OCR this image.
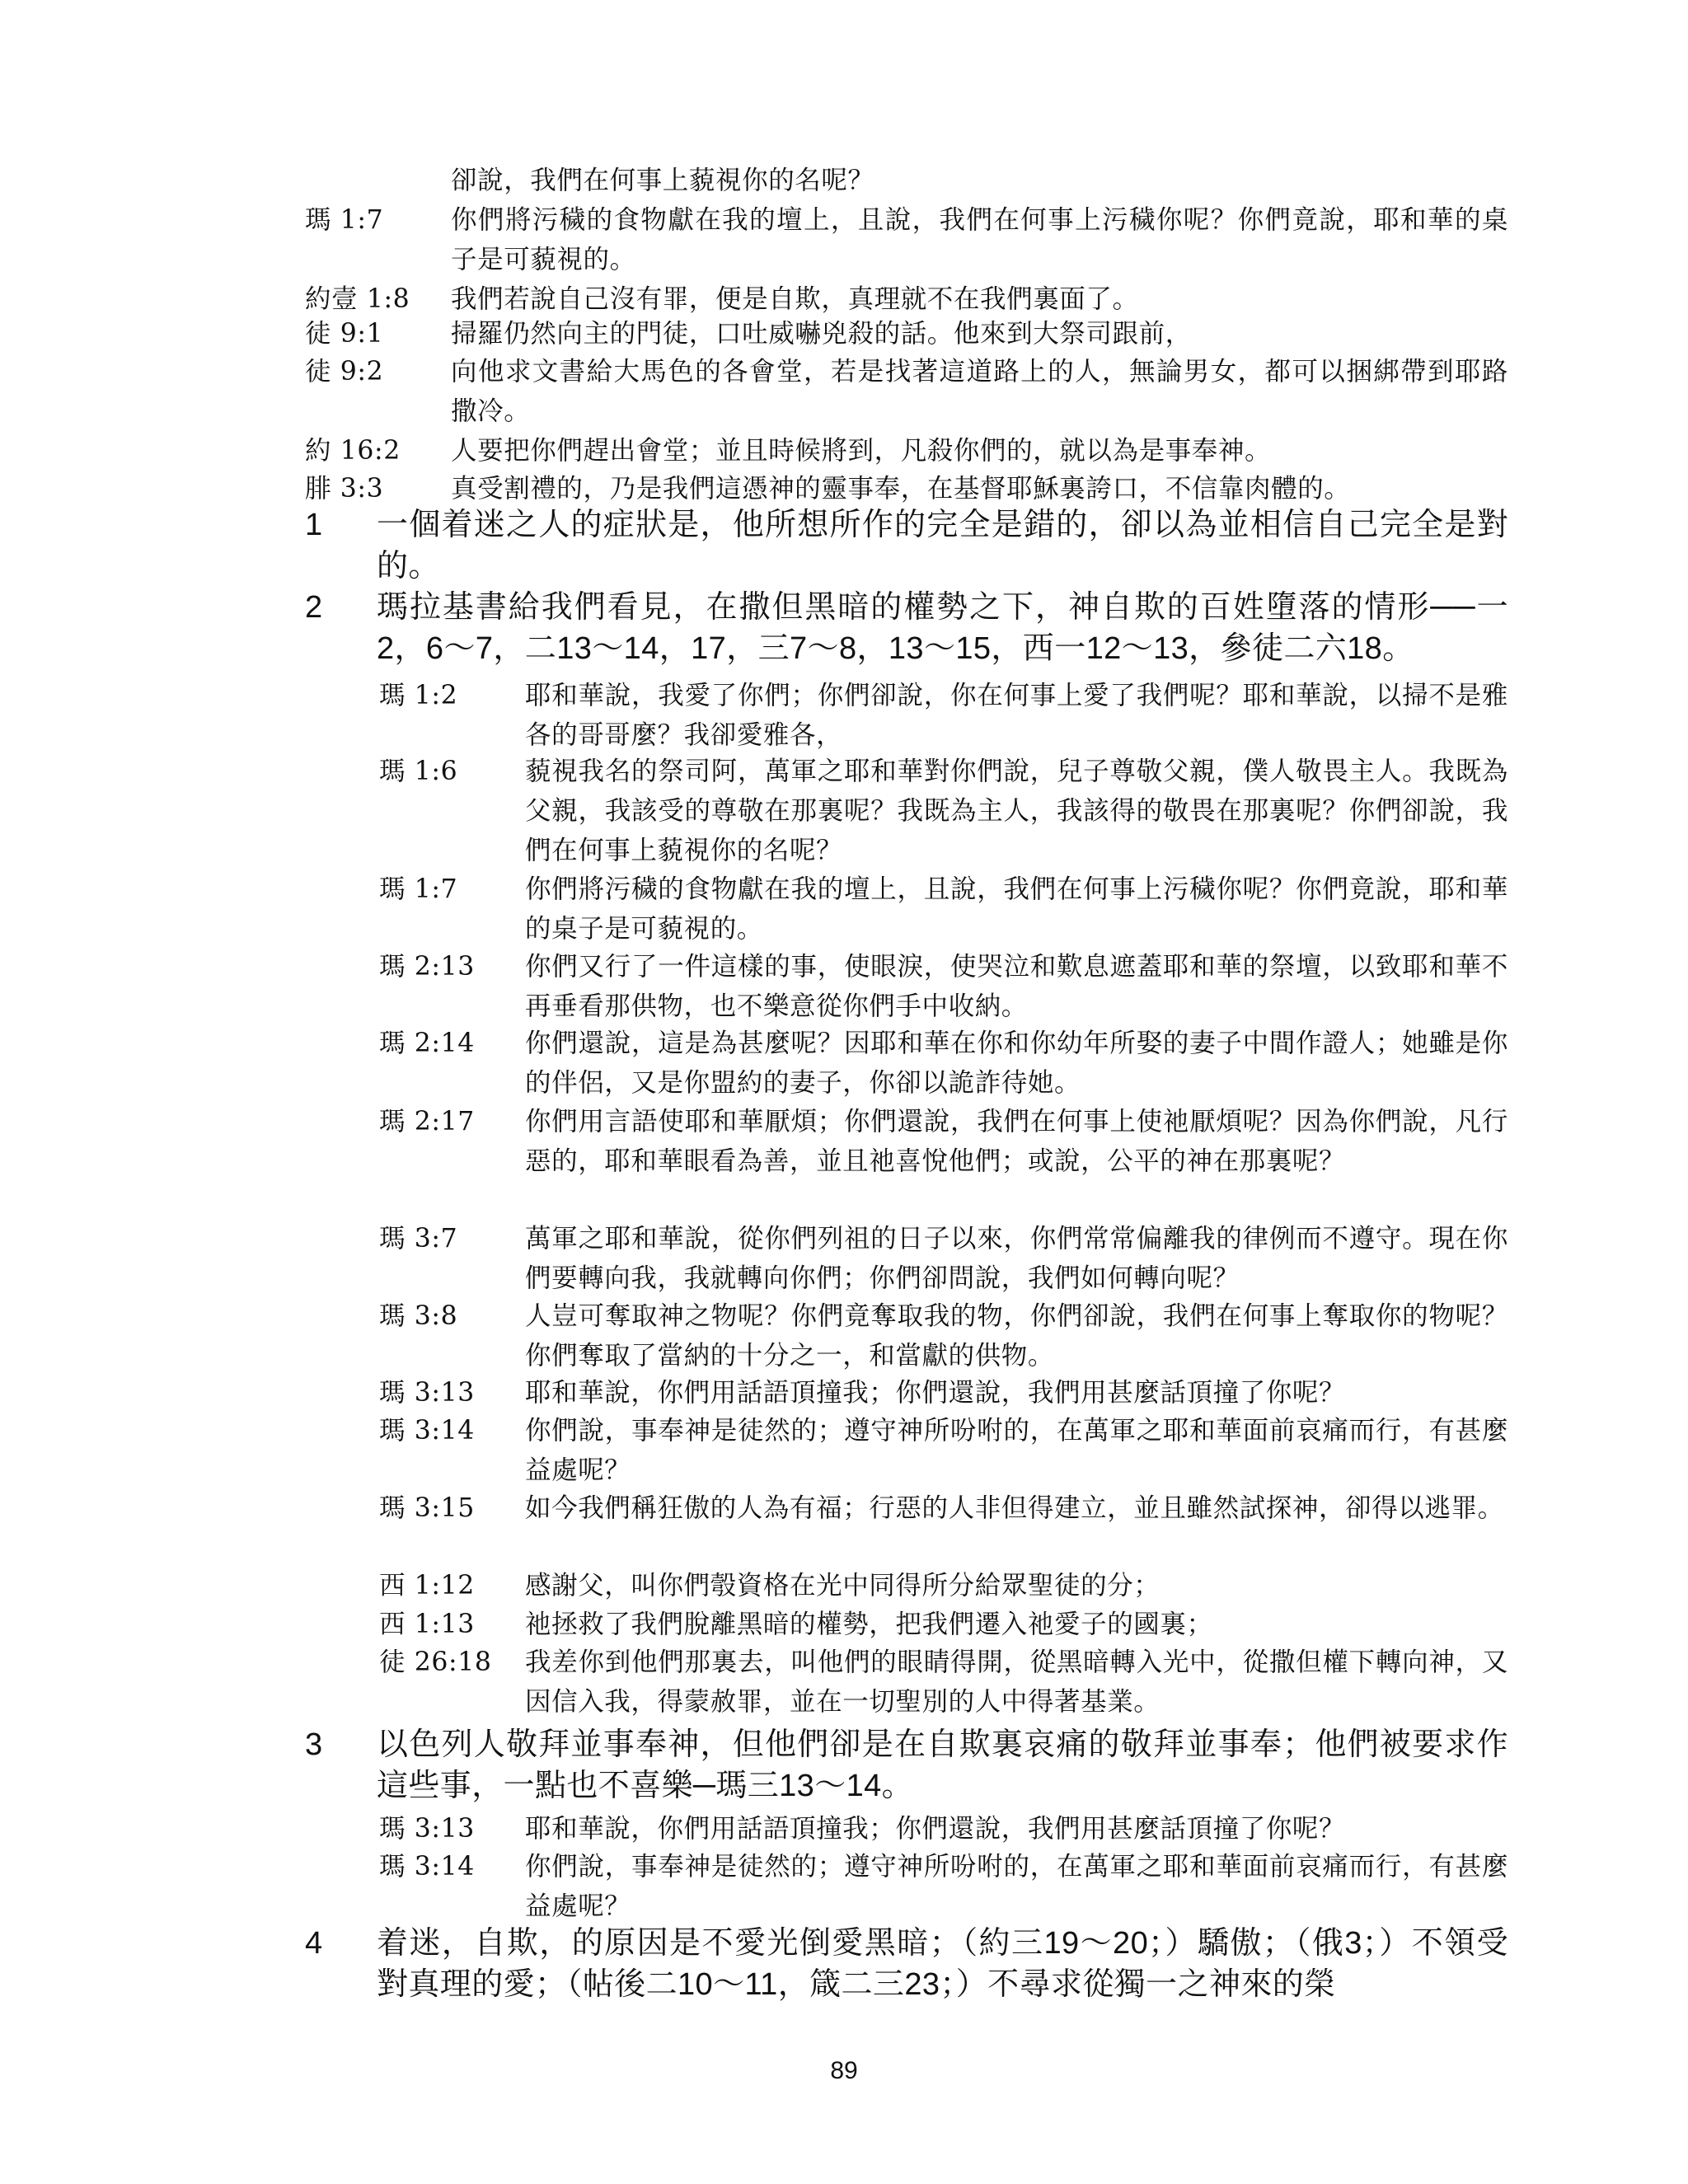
卻說，我們在何事上藐視你的名呢？
瑪 1:7	你們將污穢的食物獻在我的壇上，且說，我們在何事上污穢你呢？你們竟說，耶和華的桌子是可藐視的。
約壹 1:8 我們若說自己沒有罪，便是自欺，真理就不在我們裏面了。
徒 9:1	掃羅仍然向主的門徒，口吐威嚇兇殺的話。他來到大祭司跟前，
徒 9:2	向他求文書給大馬色的各會堂，若是找著這道路上的人，無論男女，都可以捆綁帶到耶路撒冷。
約 16:2 人要把你們趕出會堂；並且時候將到，凡殺你們的，就以為是事奉神。
腓 3:3	真受割禮的，乃是我們這憑神的靈事奉，在基督耶穌裏誇口，不信靠肉體的。
1 一個着迷之人的症狀是，他所想所作的完全是錯的，卻以為並相信自己完全是對的。
2 瑪拉基書給我們看見，在撒但黑暗的權勢之下，神自欺的百姓墮落的情形──一2，6～7，二13～14，17，三7～8，13～15，西一12～13，參徒二六18。
瑪 1:2	耶和華說，我愛了你們；你們卻說，你在何事上愛了我們呢？耶和華說，以掃不是雅各的哥哥麼？我卻愛雅各，
瑪 1:6	藐視我名的祭司阿，萬軍之耶和華對你們說，兒子尊敬父親，僕人敬畏主人。我既為父親，我該受的尊敬在那裏呢？我既為主人，我該得的敬畏在那裏呢？你們卻說，我們在何事上藐視你的名呢？
瑪 1:7	你們將污穢的食物獻在我的壇上，且說，我們在何事上污穢你呢？你們竟說，耶和華的桌子是可藐視的。
瑪 2:13 你們又行了一件這樣的事，使眼淚，使哭泣和歎息遮蓋耶和華的祭壇，以致耶和華不再垂看那供物，也不樂意從你們手中收納。
瑪 2:14 你們還說，這是為甚麼呢？因耶和華在你和你幼年所娶的妻子中間作證人；她雖是你的伴侶，又是你盟約的妻子，你卻以詭詐待她。
瑪 2:17 你們用言語使耶和華厭煩；你們還說，我們在何事上使祂厭煩呢？因為你們說，凡行惡的，耶和華眼看為善，並且祂喜悅他們；或說，公平的神在那裏呢？
瑪 3:7	萬軍之耶和華說，從你們列祖的日子以來，你們常常偏離我的律例而不遵守。現在你們要轉向我，我就轉向你們；你們卻問說，我們如何轉向呢？
瑪 3:8	人豈可奪取神之物呢？你們竟奪取我的物，你們卻說，我們在何事上奪取你的物呢？你們奪取了當納的十分之一，和當獻的供物。
瑪 3:13 耶和華說，你們用話語頂撞我；你們還說，我們用甚麼話頂撞了你呢？
瑪 3:14 你們說，事奉神是徒然的；遵守神所吩咐的，在萬軍之耶和華面前哀痛而行，有甚麼益處呢？
瑪 3:15 如今我們稱狂傲的人為有福；行惡的人非但得建立，並且雖然試探神，卻得以逃罪。
西 1:12 感謝父，叫你們彀資格在光中同得所分給眾聖徒的分；
西 1:13 祂拯救了我們脫離黑暗的權勢，把我們遷入祂愛子的國裏；
徒 26:18 我差你到他們那裏去，叫他們的眼睛得開，從黑暗轉入光中，從撒但權下轉向神，又因信入我，得蒙赦罪，並在一切聖別的人中得著基業。
3 以色列人敬拜並事奉神，但他們卻是在自欺裏哀痛的敬拜並事奉；他們被要求作這些事，一點也不喜樂─瑪三13～14。
瑪 3:13 耶和華說，你們用話語頂撞我；你們還說，我們用甚麼話頂撞了你呢？
瑪 3:14 你們說，事奉神是徒然的；遵守神所吩咐的，在萬軍之耶和華面前哀痛而行，有甚麼益處呢？
4 着迷，自欺，的原因是不愛光倒愛黑暗；（約三19～20；）驕傲；（俄3；）不領受對真理的愛；（帖後二10～11，箴二三23；）不尋求從獨一之神來的榮
89
